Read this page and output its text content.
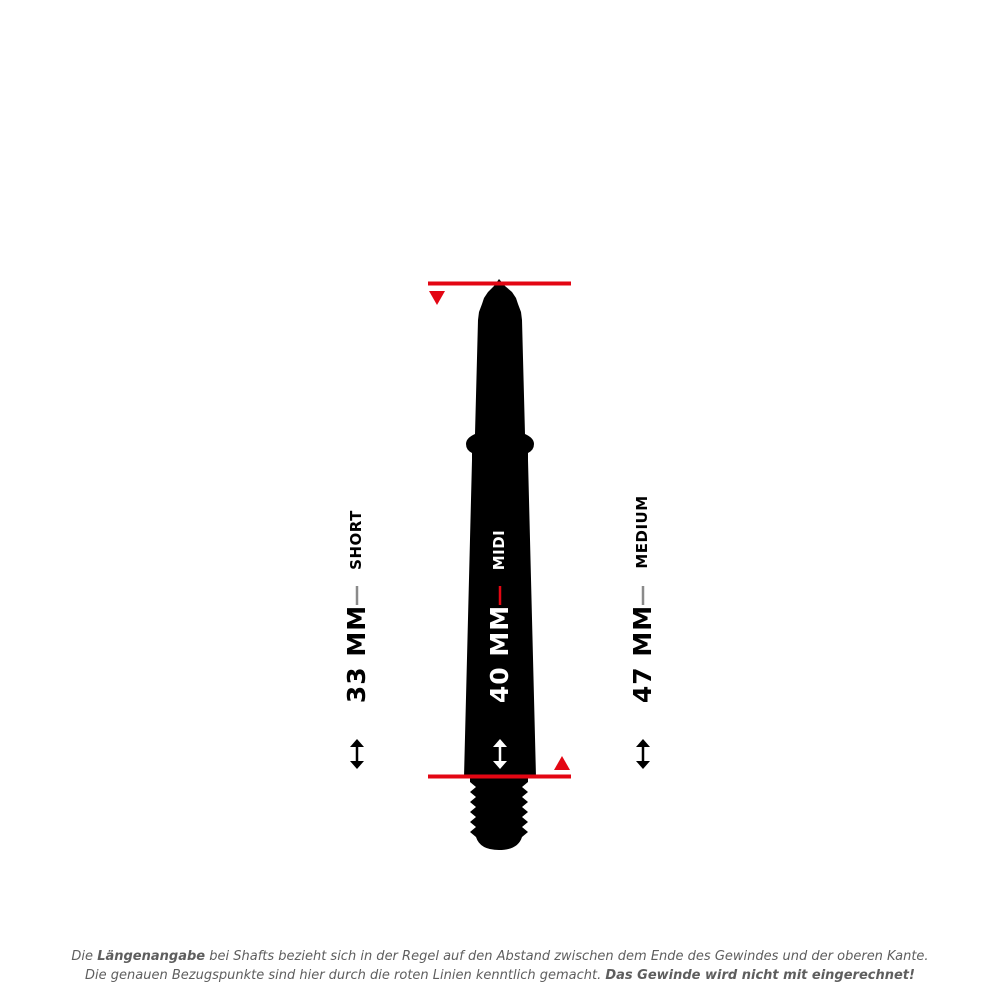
SHORT
33 MM
MIDI
40 MM
MEDIUM
47 MM
Die Längenangabe bei Shafts bezieht sich in der Regel auf den Abstand zwischen dem Ende des Gewindes und der oberen Kante.
Die genauen Bezugspunkte sind hier durch die roten Linien kenntlich gemacht. Das Gewinde wird nicht mit eingerechnet!
